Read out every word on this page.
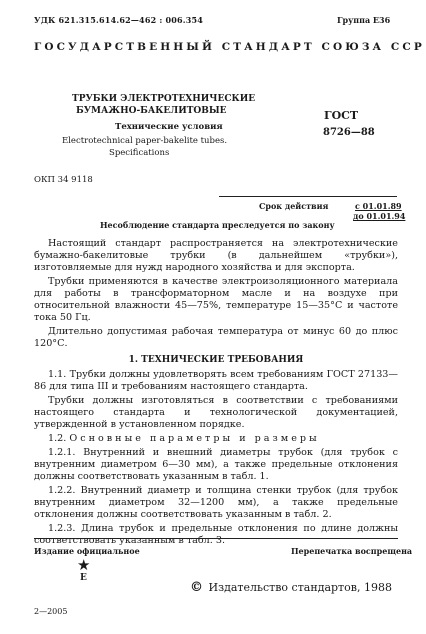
УДК 621.315.614.62—462 : 006.354	Группа Е36
ГОСУДАРСТВЕННЫЙ СТАНДАРТ СОЮЗА ССР
ТРУБКИ ЭЛЕКТРОТЕХНИЧЕСКИЕ
БУМАЖНО-БАКЕЛИТОВЫЕ
Технические условия
Electrotechnical paper-bakelite tubes.
Specifications
ГОСТ
8726—88
ОКП 34 9118
Срок действия	с 01.01.89
до 01.01.94
Несоблюдение стандарта преследуется по закону

Настоящий стандарт распространяется на электротехнические бумажно-бакелитовые трубки (в дальнейшем «трубки»), изготовляемые для нужд народного хозяйства и для экспорта.

Трубки применяются в качестве электроизоляционного материала для работы в трансформаторном масле и на воздухе при относительной влажности 45—75%, температуре 15—35°С и частоте тока 50 Гц.

Длительно допустимая рабочая температура от минус 60 до плюс 120°С.

1. ТЕХНИЧЕСКИЕ ТРЕБОВАНИЯ

1.1. Трубки должны удовлетворять всем требованиям ГОСТ 27133—86 для типа III и требованиям настоящего стандарта.

Трубки должны изготовляться в соответствии с требованиями настоящего стандарта и технологической документацией, утвержденной в установленном порядке.

1.2. Основные параметры и размеры

1.2.1. Внутренний и внешний диаметры трубок (для трубок с внутренним диаметром 6—30 мм), а также предельные отклонения должны соответствовать указанным в табл. 1.

1.2.2. Внутренний диаметр и толщина стенки трубок (для трубок внутренним диаметром 32—1200 мм), а также предельные отклонения должны соответствовать указанным в табл. 2.

1.2.3. Длина трубок и предельные отклонения по длине должны соответствовать указанным в табл. 3.

Издание официальное	Перепечатка воспрещена
★
Е
© Издательство стандартов, 1988
2—2005
